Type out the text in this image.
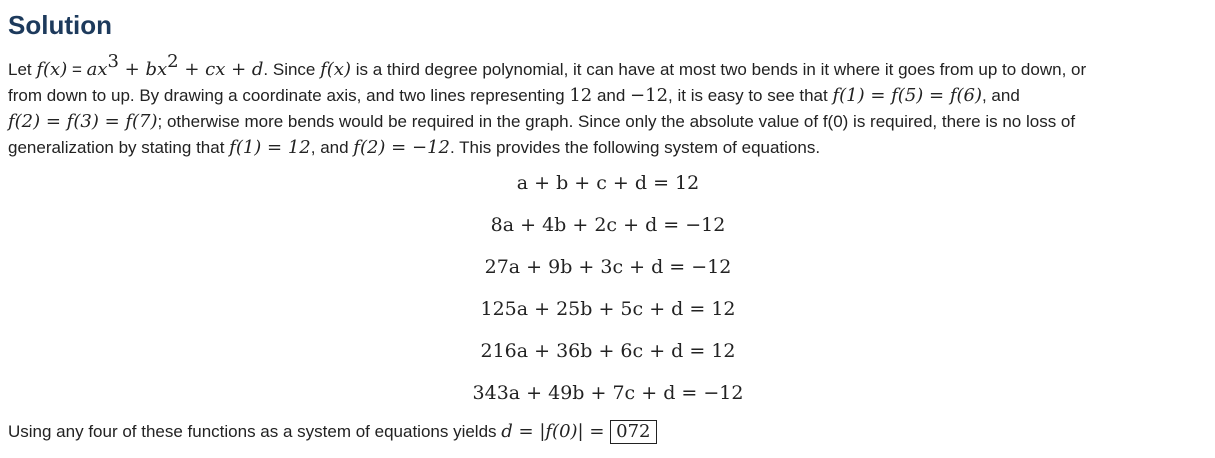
Solution
Let $f(x) = ax^3 + bx^2$ + cx + d. Since f(x) is a third degree polynomial, it can have at most two bends in it where it goes from up to down, or
from down to up. By drawing a coordinate axis, and two lines representing 12 and −12, it is easy to see that f(1) = f(5) = f(6), and
f(2) = f(3) = f(7); otherwise more bends would be required in the graph. Since only the absolute value of f(0) is required, there is no loss of
generalization by stating that f(1) = 12, and f(2) = −12. This provides the following system of equations.
a + b + c + d = 12
8a + 4b + 2c + d = −12
27a + 9b + 3c + d = −12
125a + 25b + 5c + d = 12
216a + 36b + 6c + d = 12
343a + 49b + 7c + d = −12
Using any four of these functions as a system of equations yields d = |f(0)| = 072
